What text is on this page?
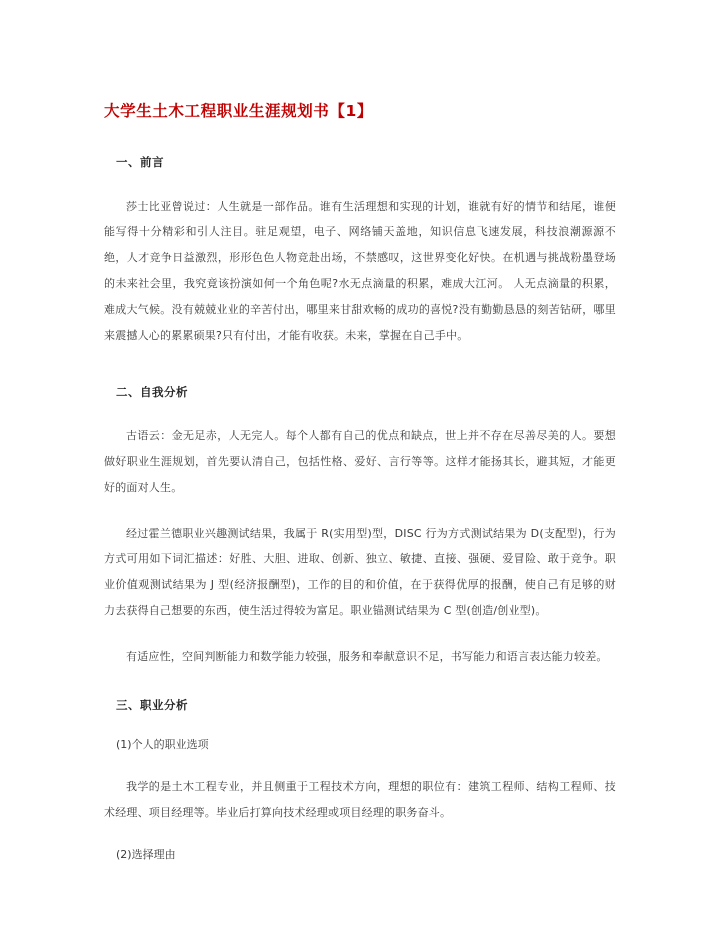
大学生土木工程职业生涯规划书【1】
一、前言

莎士比亚曾说过：人生就是一部作品。谁有生活理想和实现的计划，谁就有好的情节和结尾，谁便能写得十分精彩和引人注目。驻足观望，电子、网络铺天盖地，知识信息飞速发展，科技浪潮源源不绝，人才竞争日益激烈，形形色色人物竞赴出场，不禁感叹，这世界变化好快。在机遇与挑战粉墨登场的未来社会里，我究竟该扮演如何一个角色呢?水无点滴量的积累，难成大江河。 人无点滴量的积累，难成大气候。没有兢兢业业的辛苦付出，哪里来甘甜欢畅的成功的喜悦?没有勤勤恳恳的刻苦钻研，哪里来震撼人心的累累硕果?只有付出，才能有收获。未来，掌握在自己手中。

二、自我分析

古语云：金无足赤，人无完人。每个人都有自己的优点和缺点，世上并不存在尽善尽美的人。要想做好职业生涯规划，首先要认清自己，包括性格、爱好、言行等等。这样才能扬其长，避其短，才能更好的面对人生。

经过霍兰德职业兴趣测试结果，我属于 R(实用型)型，DISC 行为方式测试结果为 D(支配型)，行为方式可用如下词汇描述：好胜、大胆、进取、创新、独立、敏捷、直接、强硬、爱冒险、敢于竞争。职业价值观测试结果为 J 型(经济报酬型)，工作的目的和价值，在于获得优厚的报酬，使自己有足够的财力去获得自己想要的东西，使生活过得较为富足。职业锚测试结果为 C 型(创造/创业型)。

有适应性，空间判断能力和数学能力较强，服务和奉献意识不足，书写能力和语言表达能力较差。

三、职业分析

(1)个人的职业选项

我学的是土木工程专业，并且侧重于工程技术方向，理想的职位有：建筑工程师、结构工程师、技术经理、项目经理等。毕业后打算向技术经理或项目经理的职务奋斗。

(2)选择理由
